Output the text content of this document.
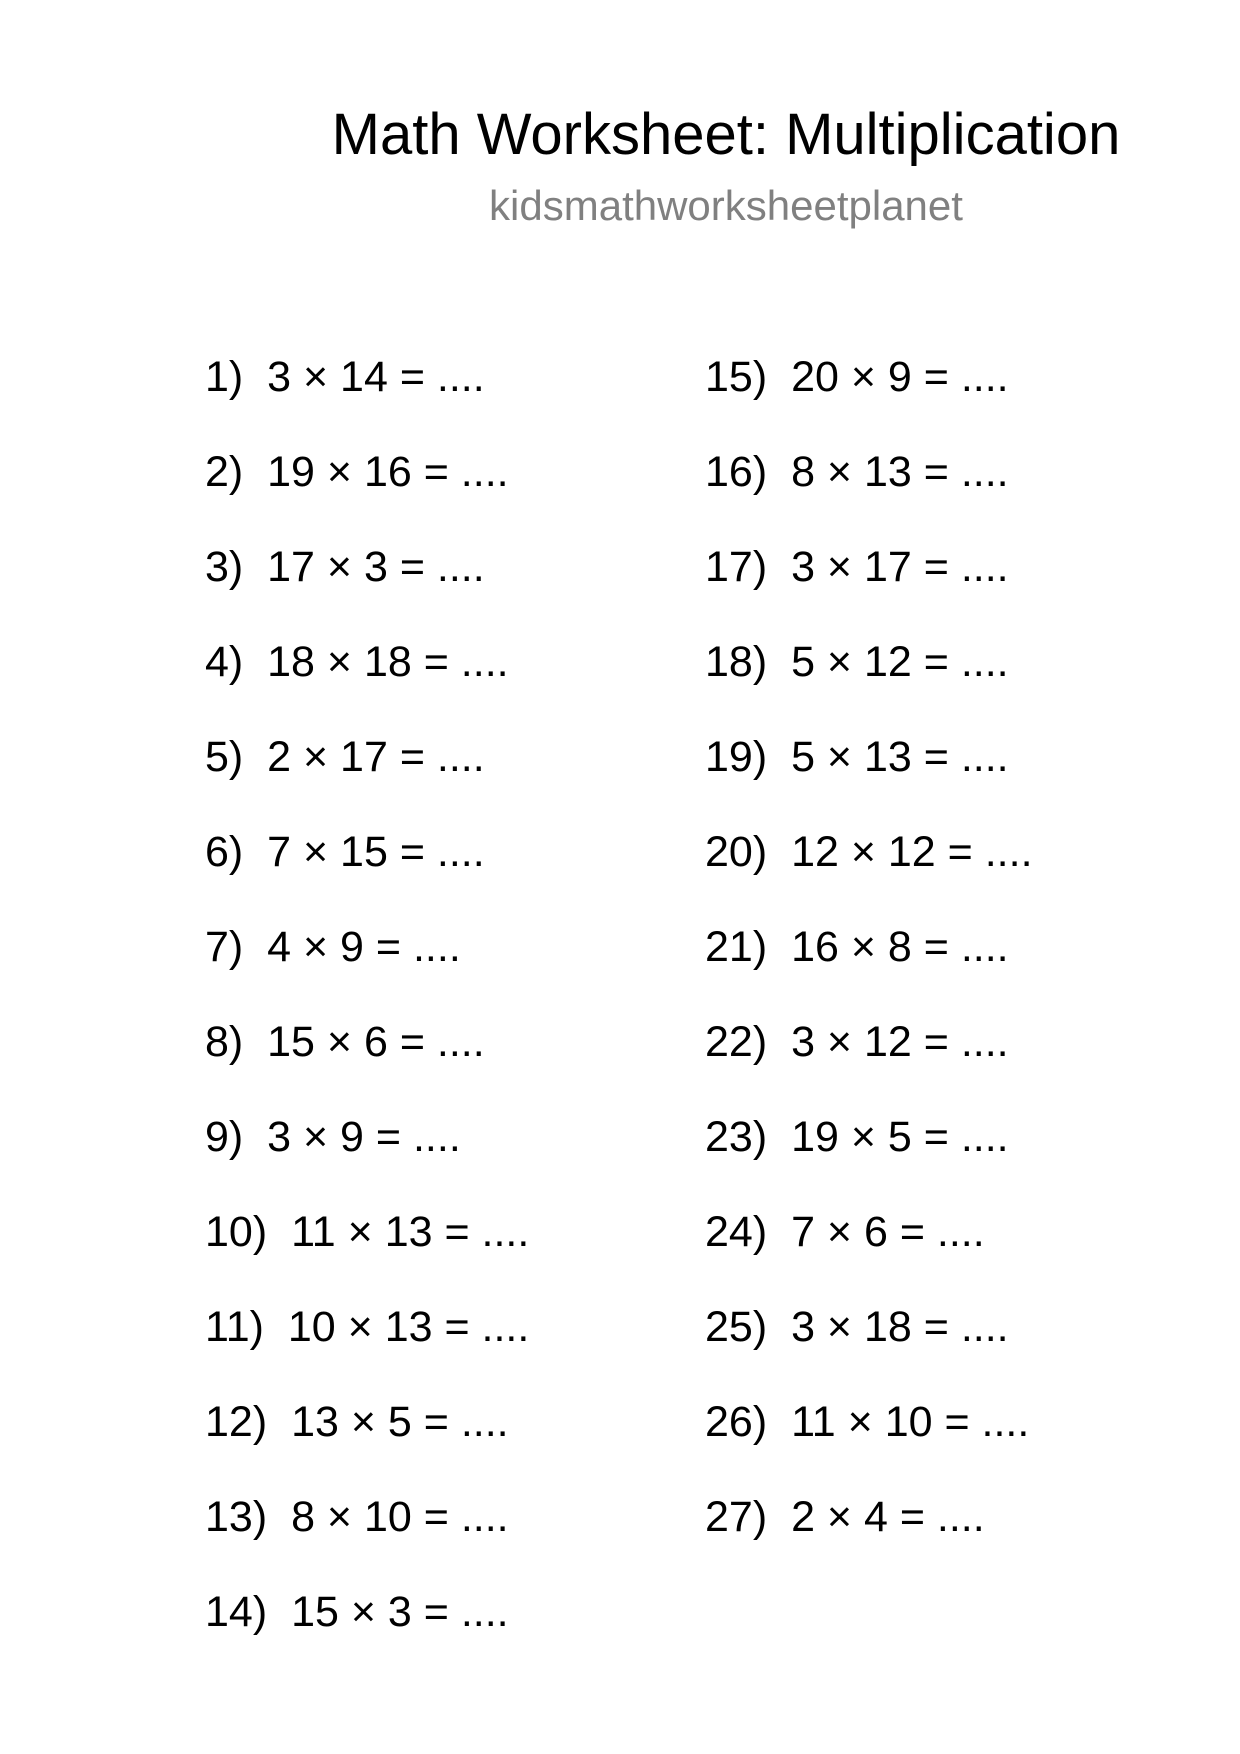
Math Worksheet: Multiplication
kidsmathworksheetplanet
1) 3 × 14 = ....
2) 19 × 16 = ....
3) 17 × 3 = ....
4) 18 × 18 = ....
5) 2 × 17 = ....
6) 7 × 15 = ....
7) 4 × 9 = ....
8) 15 × 6 = ....
9) 3 × 9 = ....
10) 11 × 13 = ....
11) 10 × 13 = ....
12) 13 × 5 = ....
13) 8 × 10 = ....
14) 15 × 3 = ....
15) 20 × 9 = ....
16) 8 × 13 = ....
17) 3 × 17 = ....
18) 5 × 12 = ....
19) 5 × 13 = ....
20) 12 × 12 = ....
21) 16 × 8 = ....
22) 3 × 12 = ....
23) 19 × 5 = ....
24) 7 × 6 = ....
25) 3 × 18 = ....
26) 11 × 10 = ....
27) 2 × 4 = ....
